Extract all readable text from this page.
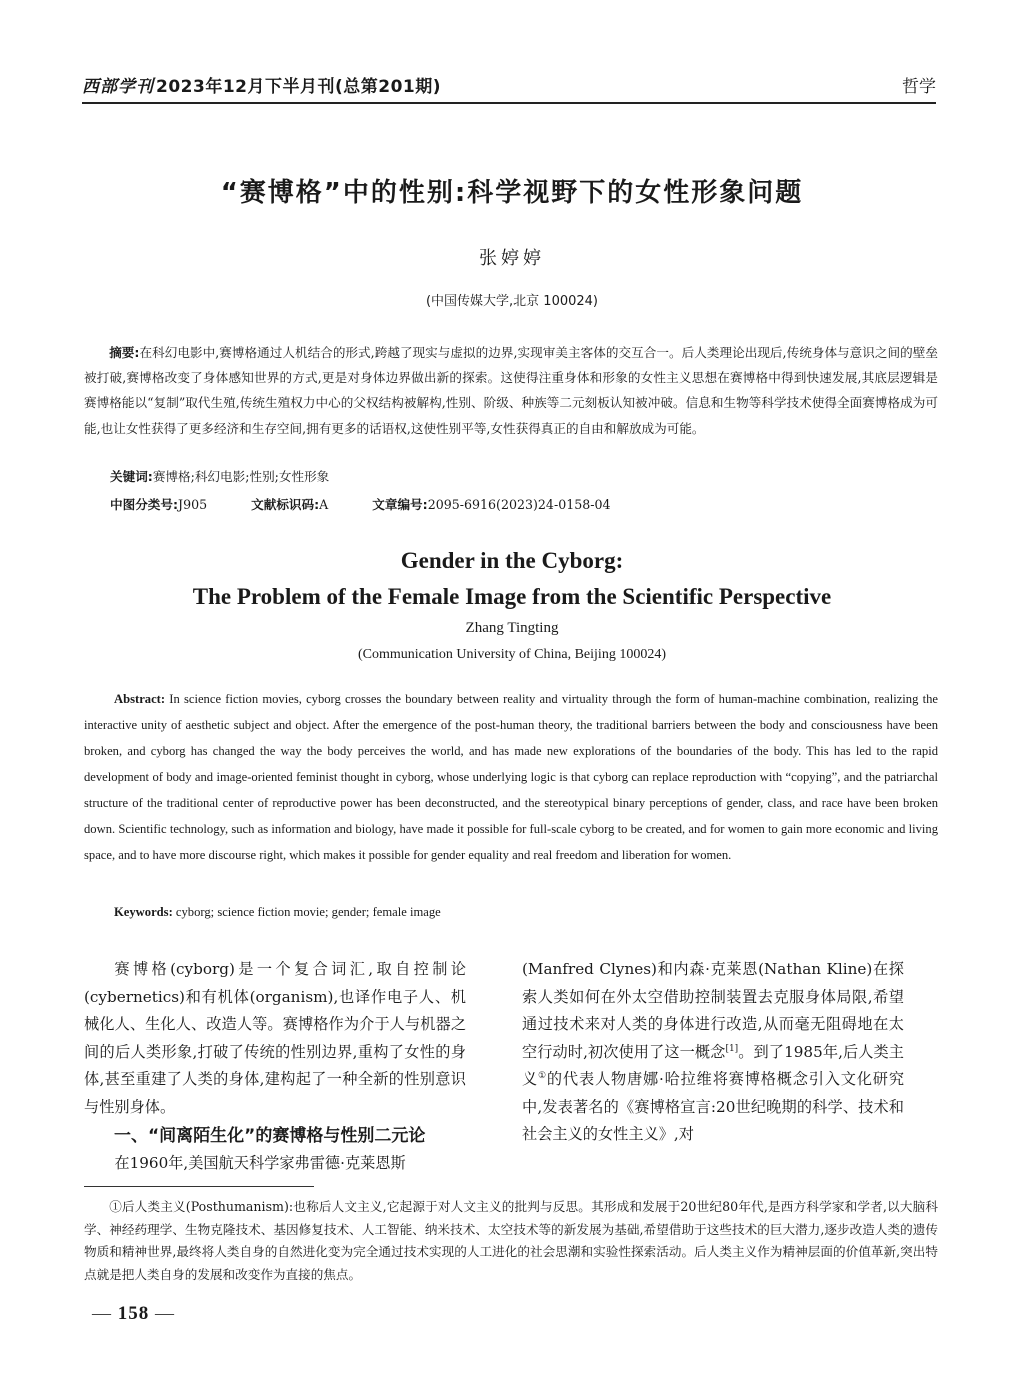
西部学刊 2023年12月下半月刊(总第201期)	哲学
“赛博格”中的性别:科学视野下的女性形象问题
张婷婷
(中国传媒大学,北京 100024)
摘要:在科幻电影中,赛博格通过人机结合的形式,跨越了现实与虚拟的边界,实现审美主客体的交互合一。后人类理论出现后,传统身体与意识之间的壁垒被打破,赛博格改变了身体感知世界的方式,更是对身体边界做出新的探索。这使得注重身体和形象的女性主义思想在赛博格中得到快速发展,其底层逻辑是赛博格能以“复制”取代生殖,传统生殖权力中心的父权结构被解构,性别、阶级、种族等二元刻板认知被冲破。信息和生物等科学技术使得全面赛博格成为可能,也让女性获得了更多经济和生存空间,拥有更多的话语权,这使性别平等,女性获得真正的自由和解放成为可能。
关键词:赛博格;科幻电影;性别;女性形象
中图分类号:J905	文献标识码:A	文章编号:2095-6916(2023)24-0158-04
Gender in the Cyborg:
The Problem of the Female Image from the Scientific Perspective
Zhang Tingting
(Communication University of China, Beijing 100024)
Abstract: In science fiction movies, cyborg crosses the boundary between reality and virtuality through the form of human-machine combination, realizing the interactive unity of aesthetic subject and object. After the emergence of the post-human theory, the traditional barriers between the body and consciousness have been broken, and cyborg has changed the way the body perceives the world, and has made new explorations of the boundaries of the body. This has led to the rapid development of body and image-oriented feminist thought in cyborg, whose underlying logic is that cyborg can replace reproduction with “copying”, and the patriarchal structure of the traditional center of reproductive power has been deconstructed, and the stereotypical binary perceptions of gender, class, and race have been broken down. Scientific technology, such as information and biology, have made it possible for full-scale cyborg to be created, and for women to gain more economic and living space, and to have more discourse right, which makes it possible for gender equality and real freedom and liberation for women.
Keywords: cyborg; science fiction movie; gender; female image

赛博格(cyborg)是一个复合词汇,取自控制论(cybernetics)和有机体(organism),也译作电子人、机械化人、生化人、改造人等。赛博格作为介于人与机器之间的后人类形象,打破了传统的性别边界,重构了女性的身体,甚至重建了人类的身体,建构起了一种全新的性别意识与性别身体。

一、“间离陌生化”的赛博格与性别二元论

在1960年,美国航天科学家弗雷德·克莱恩斯

(Manfred Clynes)和内森·克莱恩(Nathan Kline)在探索人类如何在外太空借助控制装置去克服身体局限,希望通过技术来对人类的身体进行改造,从而毫无阻碍地在太空行动时,初次使用了这一概念[1]。到了1985年,后人类主义①的代表人物唐娜·哈拉维将赛博格概念引入文化研究中,发表著名的《赛博格宣言:20世纪晚期的科学、技术和社会主义的女性主义》,对

①后人类主义(Posthumanism):也称后人文主义,它起源于对人文主义的批判与反思。其形成和发展于20世纪80年代,是西方科学家和学者,以大脑科学、神经药理学、生物克隆技术、基因修复技术、人工智能、纳米技术、太空技术等的新发展为基础,希望借助于这些技术的巨大潜力,逐步改造人类的遗传物质和精神世界,最终将人类自身的自然进化变为完全通过技术实现的人工进化的社会思潮和实验性探索活动。后人类主义作为精神层面的价值革新,突出特点就是把人类自身的发展和改变作为直接的焦点。
— 158 —
